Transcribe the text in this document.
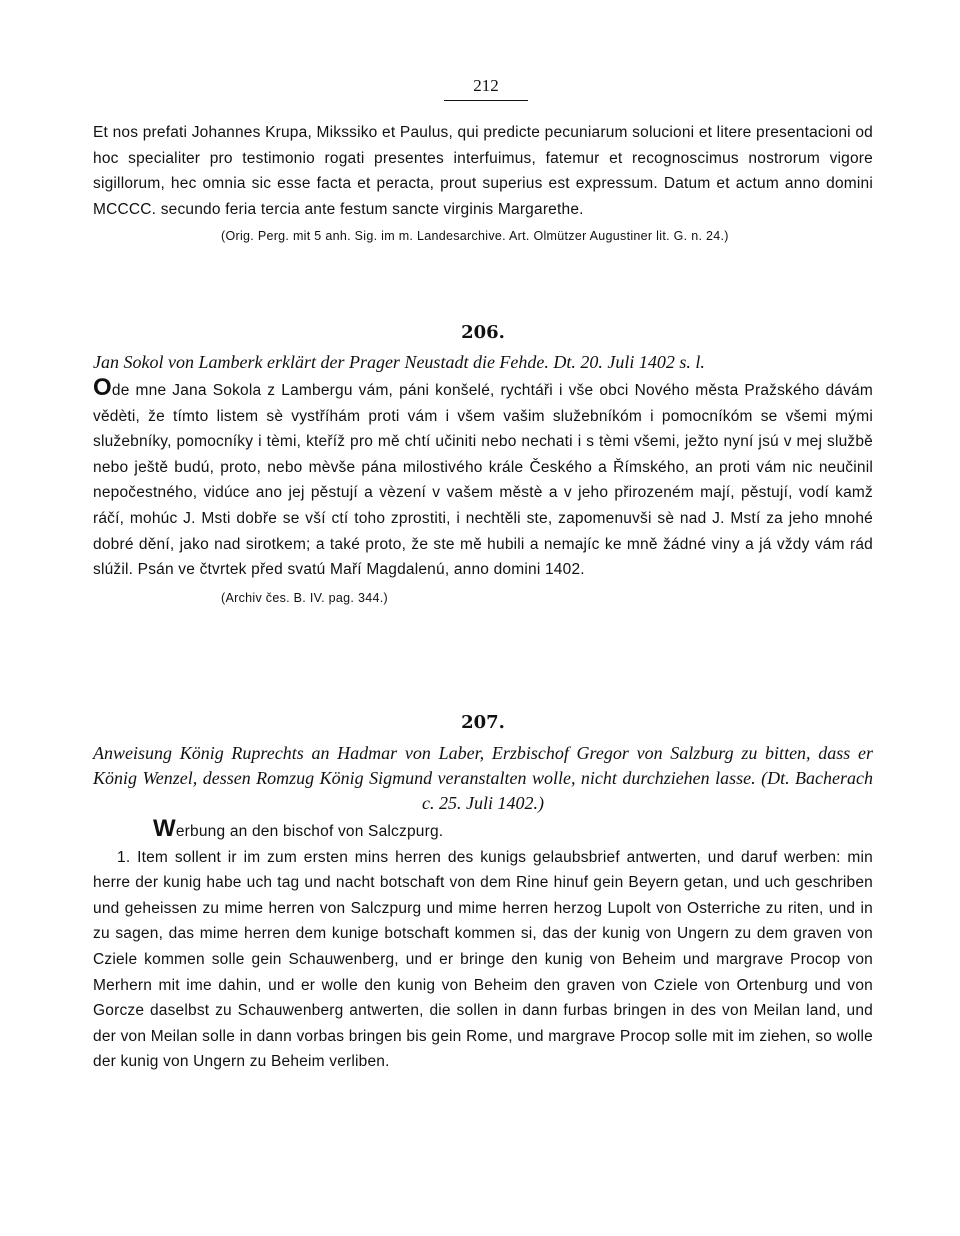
212

Et nos prefati Johannes Krupa, Mikssiko et Paulus, qui predicte pecuniarum solucioni et litere presentacioni od hoc specialiter pro testimonio rogati presentes interfuimus, fatemur et recognoscimus nostrorum vigore sigillorum, hec omnia sic esse facta et peracta, prout superius est expressum. Datum et actum anno domini MCCCC. secundo feria tercia ante festum sancte virginis Margarethe.

(Orig. Perg. mit 5 anh. Sig. im m. Landesarchive. Art. Olmützer Augustiner lit. G. n. 24.)

206.

Jan Sokol von Lamberk erklärt der Prager Neustadt die Fehde. Dt. 20. Juli 1402 s. l.

Ode mne Jana Sokola z Lambergu vám, páni konšelé, rychtáři i vše obci Nového města Pražského dávám vědèti, že tímto listem sè vystříhám proti vám i všem vašim služebníkóm i pomocníkóm se všemi mými služebníky, pomocníky i tèmi, kteříž pro mě chtí učiniti nebo nechati i s tèmi všemi, ježto nyní jsú v mej službě nebo ještě budú, proto, nebo mèvše pána milostivého krále Českého a Římského, an proti vám nic neučinil nepočestného, vidúce ano jej pěstují a vèzení v vašem městè a v jeho přirozeném mají, pěstují, vodí kamž ráčí, mohúc J. Msti dobře se vší ctí toho zprostiti, i nechtěli ste, zapomenuvši sè nad J. Mstí za jeho mnohé dobré dění, jako nad sirotkem; a také proto, že ste mě hubili a nemajíc ke mně žádné viny a já vždy vám rád slúžil. Psán ve čtvrtek před svatú Maří Magdalenú, anno domini 1402.

(Archiv čes. B. IV. pag. 344.)

207.

Anweisung König Ruprechts an Hadmar von Laber, Erzbischof Gregor von Salzburg zu bitten, dass er König Wenzel, dessen Romzug König Sigmund veranstalten wolle, nicht durchziehen lasse. (Dt. Bacherach c. 25. Juli 1402.)

Werbung an den bischof von Salczpurg.

1. Item sollent ir im zum ersten mins herren des kunigs gelaubsbrief antwerten, und daruf werben: min herre der kunig habe uch tag und nacht botschaft von dem Rine hinuf gein Beyern getan, und uch geschriben und geheissen zu mime herren von Salczpurg und mime herren herzog Lupolt von Osterriche zu riten, und in zu sagen, das mime herren dem kunige botschaft kommen si, das der kunig von Ungern zu dem graven von Cziele kommen solle gein Schauwenberg, und er bringe den kunig von Beheim und margrave Procop von Merhern mit ime dahin, und er wolle den kunig von Beheim den graven von Cziele von Ortenburg und von Gorcze daselbst zu Schauwenberg antwerten, die sollen in dann furbas bringen in des von Meilan land, und der von Meilan solle in dann vorbas bringen bis gein Rome, und margrave Procop solle mit im ziehen, so wolle der kunig von Ungern zu Beheim verliben.
